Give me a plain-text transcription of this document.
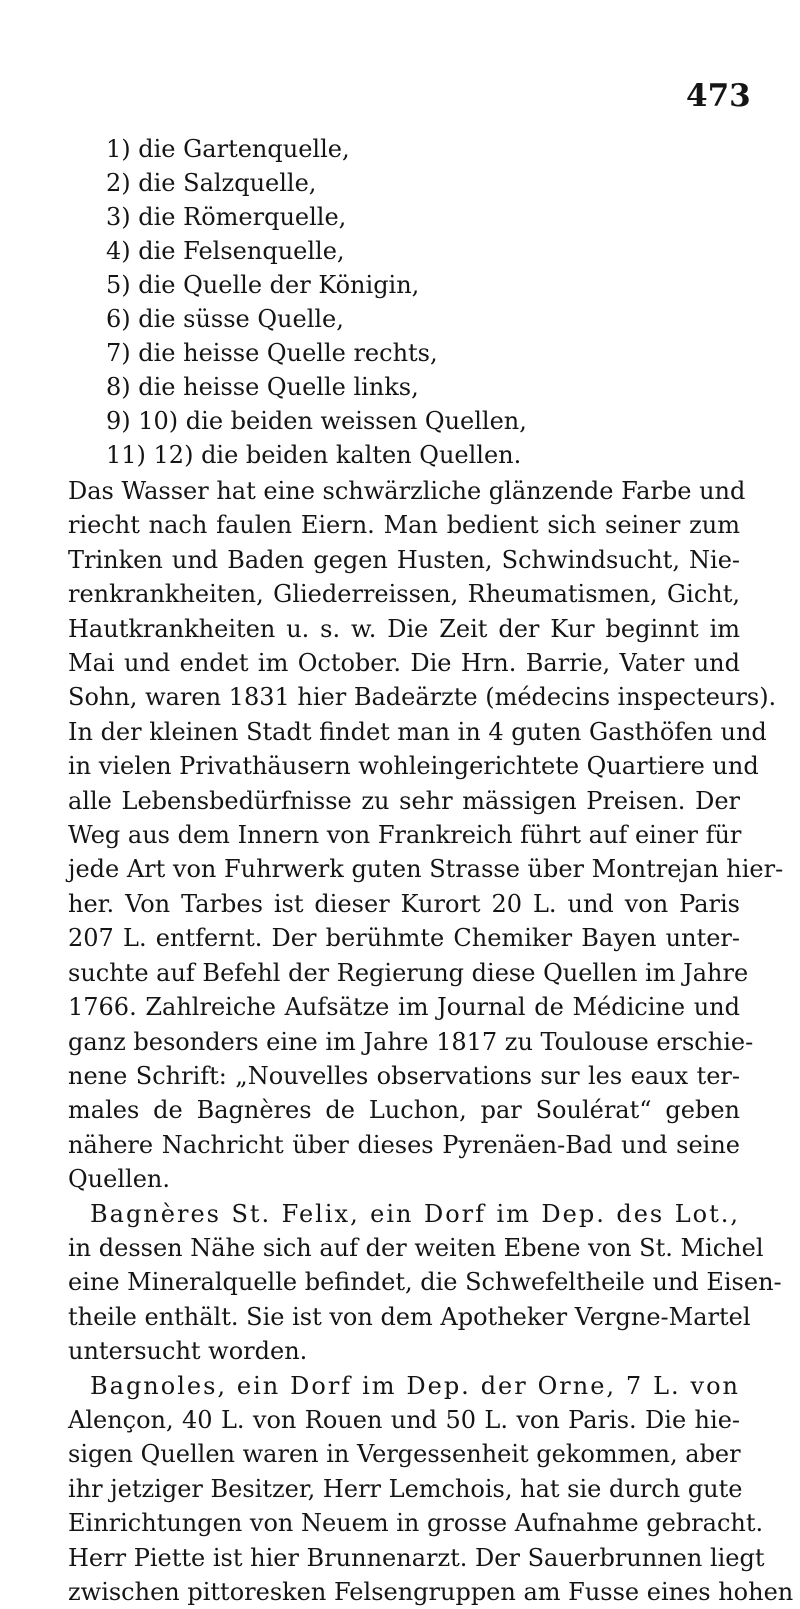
473
1) die Gartenquelle,
2) die Salzquelle,
3) die Römerquelle,
4) die Felsenquelle,
5) die Quelle der Königin,
6) die süsse Quelle,
7) die heisse Quelle rechts,
8) die heisse Quelle links,
9) 10) die beiden weissen Quellen,
11) 12) die beiden kalten Quellen.
Das Wasser hat eine schwärzliche glänzende Farbe und
riecht nach faulen Eiern. Man bedient sich seiner zum
Trinken und Baden gegen Husten, Schwindsucht, Nie-
renkrankheiten, Gliederreissen, Rheumatismen, Gicht,
Hautkrankheiten u. s. w. Die Zeit der Kur beginnt im
Mai und endet im October. Die Hrn. Barrie, Vater und
Sohn, waren 1831 hier Badeärzte (médecins inspecteurs).
In der kleinen Stadt findet man in 4 guten Gasthöfen und
in vielen Privathäusern wohleingerichtete Quartiere und
alle Lebensbedürfnisse zu sehr mässigen Preisen. Der
Weg aus dem Innern von Frankreich führt auf einer für
jede Art von Fuhrwerk guten Strasse über Montrejan hier-
her. Von Tarbes ist dieser Kurort 20 L. und von Paris
207 L. entfernt. Der berühmte Chemiker Bayen unter-
suchte auf Befehl der Regierung diese Quellen im Jahre
1766. Zahlreiche Aufsätze im Journal de Médicine und
ganz besonders eine im Jahre 1817 zu Toulouse erschie-
nene Schrift: „Nouvelles observations sur les eaux ter-
males de Bagnères de Luchon, par Soulérat“ geben
nähere Nachricht über dieses Pyrenäen-Bad und seine
Quellen.
Bagnères St. Felix, ein Dorf im Dep. des Lot.,
in dessen Nähe sich auf der weiten Ebene von St. Michel
eine Mineralquelle befindet, die Schwefeltheile und Eisen-
theile enthält. Sie ist von dem Apotheker Vergne-Martel
untersucht worden.
Bagnoles, ein Dorf im Dep. der Orne, 7 L. von
Alençon, 40 L. von Rouen und 50 L. von Paris. Die hie-
sigen Quellen waren in Vergessenheit gekommen, aber
ihr jetziger Besitzer, Herr Lemchois, hat sie durch gute
Einrichtungen von Neuem in grosse Aufnahme gebracht.
Herr Piette ist hier Brunnenarzt. Der Sauerbrunnen liegt
zwischen pittoresken Felsengruppen am Fusse eines hohen
